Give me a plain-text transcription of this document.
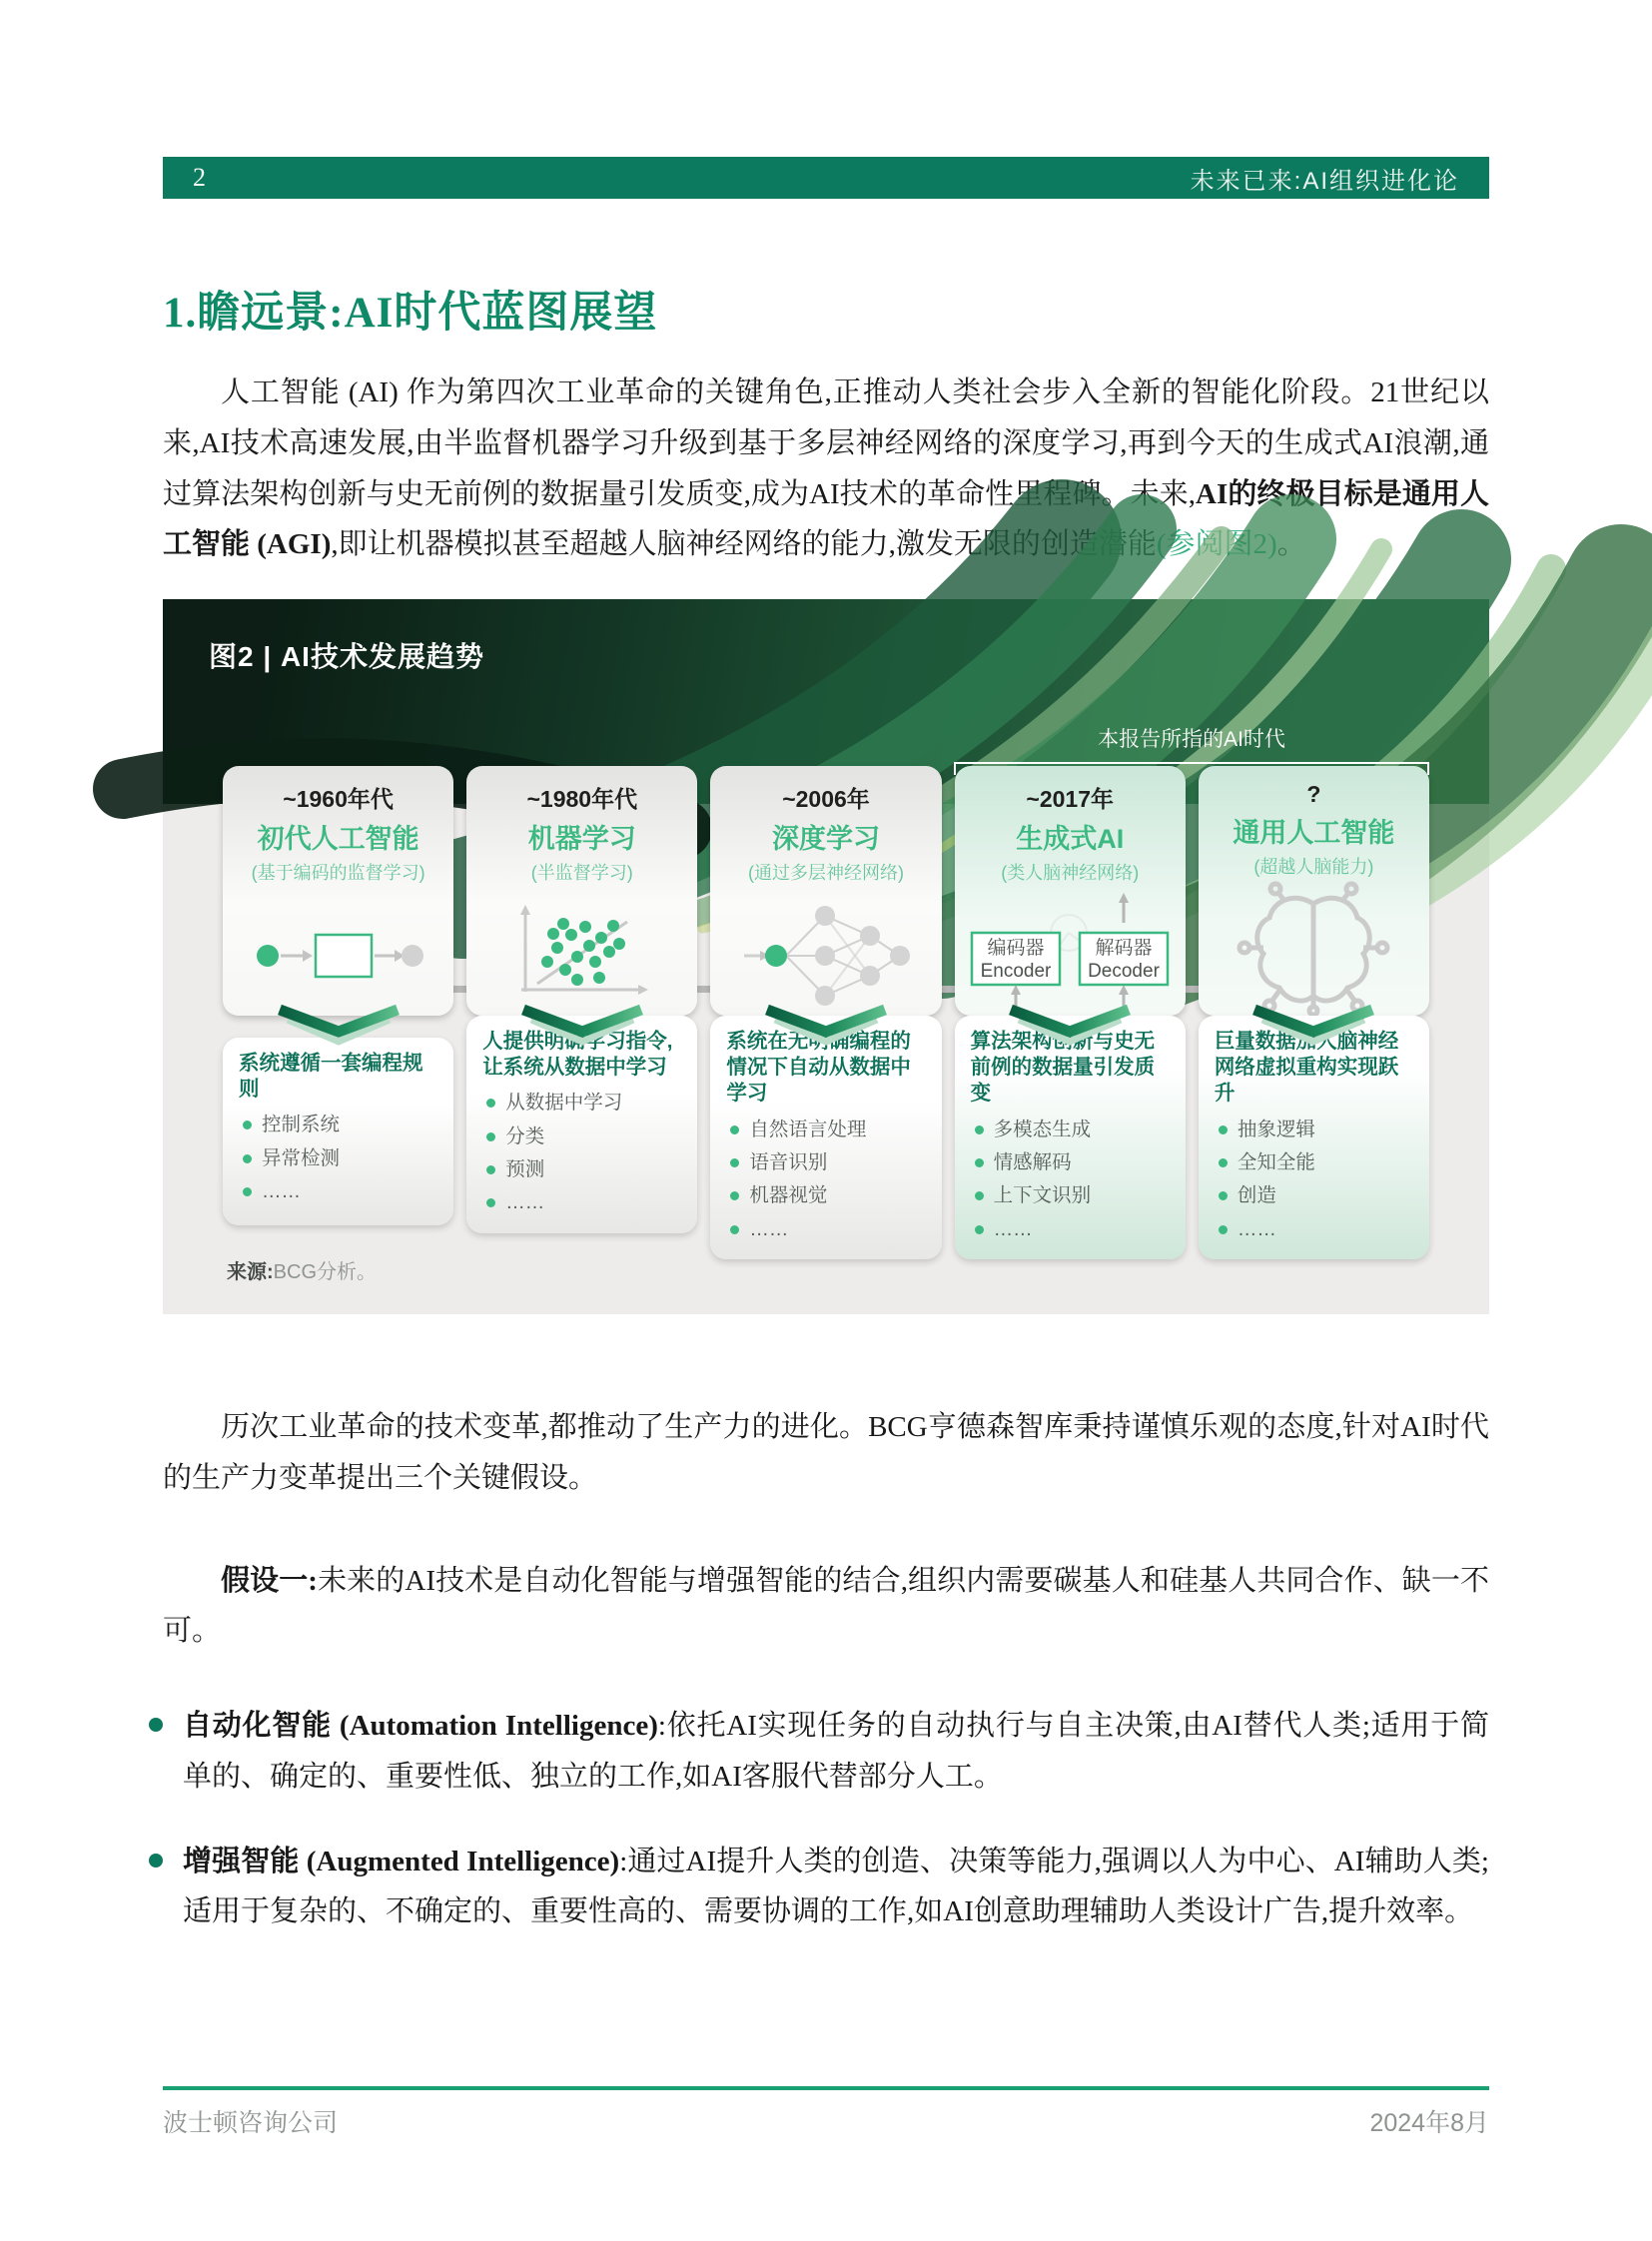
2	未来已来:AI组织进化论
1.瞻远景:AI时代蓝图展望

人工智能 (AI) 作为第四次工业革命的关键角色,正推动人类社会步入全新的智能化阶段。21世纪以来,AI技术高速发展,由半监督机器学习升级到基于多层神经网络的深度学习,再到今天的生成式AI浪潮,通过算法架构创新与史无前例的数据量引发质变,成为AI技术的革命性里程碑。未来,AI的终极目标是通用人工智能 (AGI),即让机器模拟甚至超越人脑神经网络的能力,激发无限的创造潜能(参阅图2)。

图2 | AI技术发展趋势
本报告所指的AI时代
~1960年代
初代人工智能
(基于编码的监督学习)
系统遵循一套编程规则
控制系统
异常检测
……
~1980年代
机器学习
(半监督学习)
人提供明确学习指令,让系统从数据中学习
从数据中学习
分类
预测
……
~2006年
深度学习
(通过多层神经网络)
系统在无明确编程的情况下自动从数据中学习
自然语言处理
语音识别
机器视觉
……
~2017年
生成式AI
(类人脑神经网络)
编码器
Encoder
解码器
Decoder
算法架构创新与史无前例的数据量引发质变
多模态生成
情感解码
上下文识别
……
?
通用人工智能
(超越人脑能力)
巨量数据加人脑神经网络虚拟重构实现跃升
抽象逻辑
全知全能
创造
……
来源:BCG分析。

历次工业革命的技术变革,都推动了生产力的进化。BCG亨德森智库秉持谨慎乐观的态度,针对AI时代的生产力变革提出三个关键假设。

假设一:未来的AI技术是自动化智能与增强智能的结合,组织内需要碳基人和硅基人共同合作、缺一不可。

自动化智能 (Automation Intelligence):依托AI实现任务的自动执行与自主决策,由AI替代人类;适用于简单的、确定的、重要性低、独立的工作,如AI客服代替部分人工。
增强智能 (Augmented Intelligence):通过AI提升人类的创造、决策等能力,强调以人为中心、AI辅助人类;适用于复杂的、不确定的、重要性高的、需要协调的工作,如AI创意助理辅助人类设计广告,提升效率。
波士顿咨询公司	2024年8月
